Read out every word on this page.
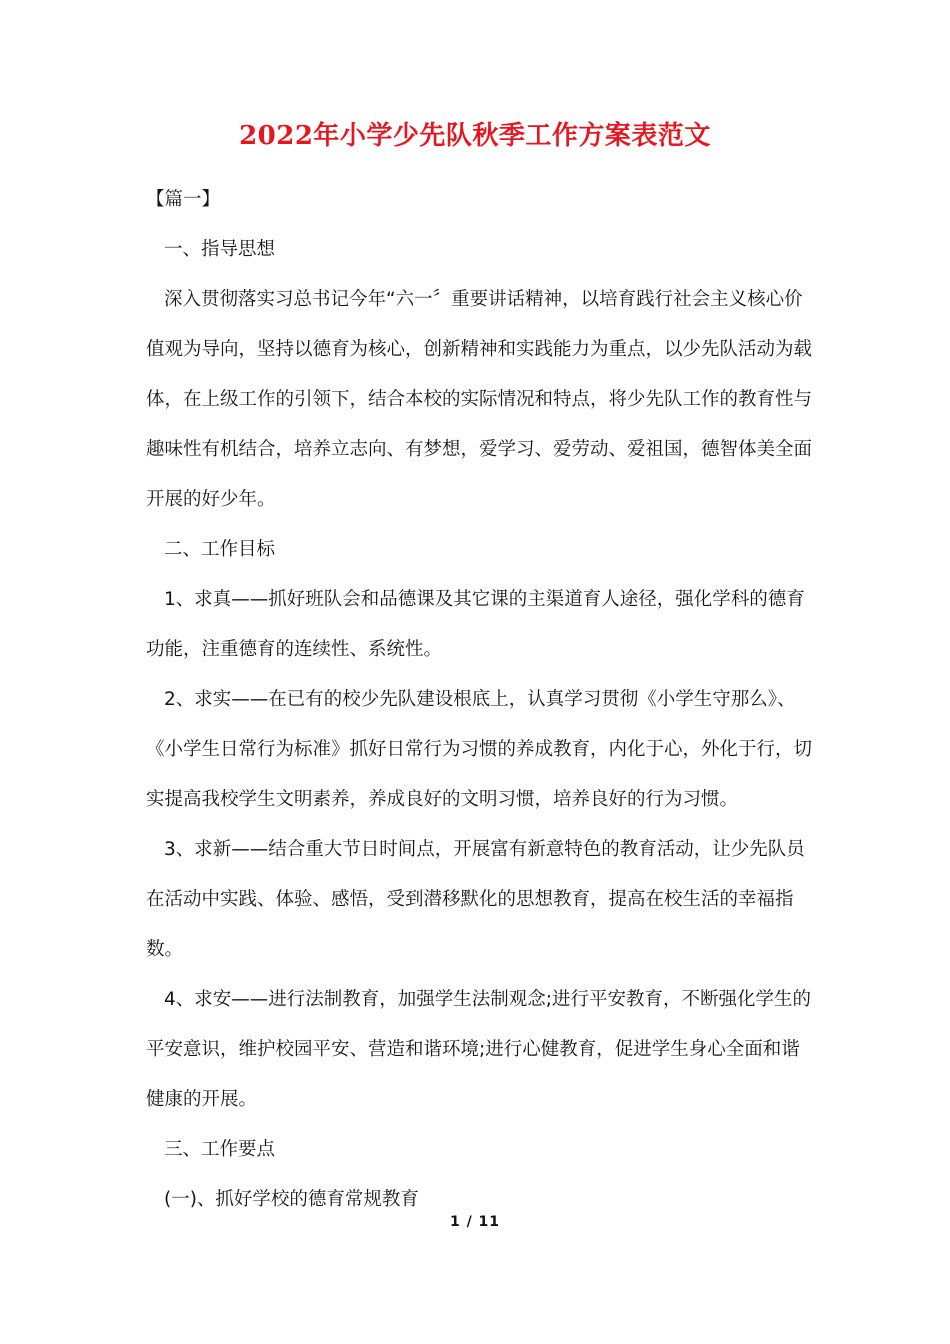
2022年小学少先队秋季工作方案表范文

【篇一】

一、指导思想

深入贯彻落实习总书记今年“六一〞重要讲话精神，以培育践行社会主义核心价值观为导向，坚持以德育为核心，创新精神和实践能力为重点，以少先队活动为载体，在上级工作的引领下，结合本校的实际情况和特点，将少先队工作的教育性与趣味性有机结合，培养立志向、有梦想，爱学习、爱劳动、爱祖国，德智体美全面开展的好少年。

二、工作目标

1、求真——抓好班队会和品德课及其它课的主渠道育人途径，强化学科的德育功能，注重德育的连续性、系统性。

2、求实——在已有的校少先队建设根底上，认真学习贯彻《小学生守那么》、《小学生日常行为标准》抓好日常行为习惯的养成教育，内化于心，外化于行，切实提高我校学生文明素养，养成良好的文明习惯，培养良好的行为习惯。

3、求新——结合重大节日时间点，开展富有新意特色的教育活动，让少先队员在活动中实践、体验、感悟，受到潜移默化的思想教育，提高在校生活的幸福指数。

4、求安——进行法制教育，加强学生法制观念;进行平安教育，不断强化学生的平安意识，维护校园平安、营造和谐环境;进行心健教育，促进学生身心全面和谐健康的开展。

三、工作要点

(一)、抓好学校的德育常规教育

1 / 11
